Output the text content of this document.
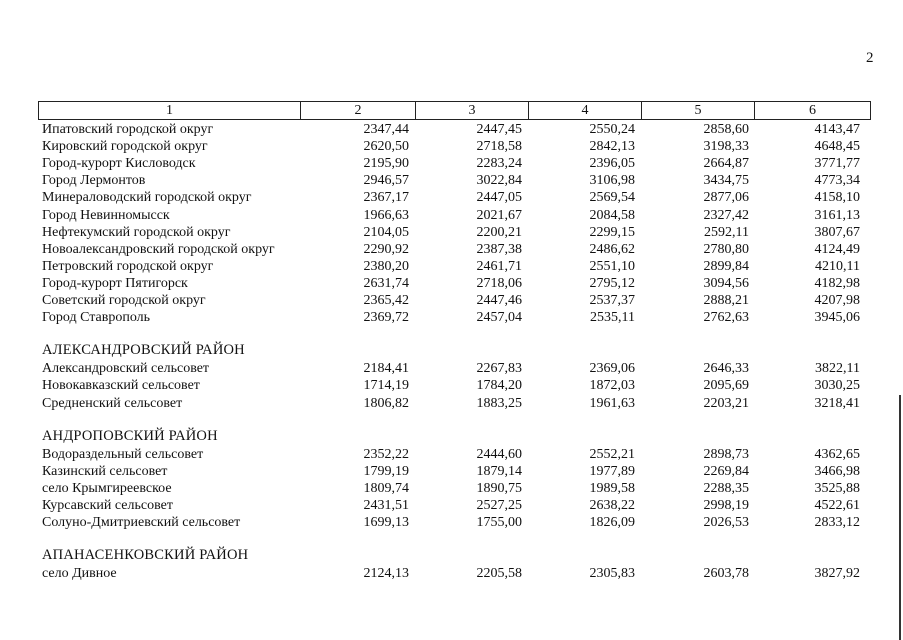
2
1	2	3	4	5	6
Ипатовский городской округ	2347,44	2447,45	2550,24	2858,60	4143,47
Кировский городской округ	2620,50	2718,58	2842,13	3198,33	4648,45
Город-курорт Кисловодск	2195,90	2283,24	2396,05	2664,87	3771,77
Город Лермонтов	2946,57	3022,84	3106,98	3434,75	4773,34
Минераловодский городской округ	2367,17	2447,05	2569,54	2877,06	4158,10
Город Невинномысск	1966,63	2021,67	2084,58	2327,42	3161,13
Нефтекумский городской округ	2104,05	2200,21	2299,15	2592,11	3807,67
Новоалександровский городской округ	2290,92	2387,38	2486,62	2780,80	4124,49
Петровский городской округ	2380,20	2461,71	2551,10	2899,84	4210,11
Город-курорт Пятигорск	2631,74	2718,06	2795,12	3094,56	4182,98
Советский городской округ	2365,42	2447,46	2537,37	2888,21	4207,98
Город Ставрополь	2369,72	2457,04	2535,11	2762,63	3945,06
АЛЕКСАНДРОВСКИЙ РАЙОН
Александровский сельсовет	2184,41	2267,83	2369,06	2646,33	3822,11
Новокавказский сельсовет	1714,19	1784,20	1872,03	2095,69	3030,25
Средненский сельсовет	1806,82	1883,25	1961,63	2203,21	3218,41
АНДРОПОВСКИЙ РАЙОН
Водораздельный сельсовет	2352,22	2444,60	2552,21	2898,73	4362,65
Казинский сельсовет	1799,19	1879,14	1977,89	2269,84	3466,98
село Крымгиреевское	1809,74	1890,75	1989,58	2288,35	3525,88
Курсавский сельсовет	2431,51	2527,25	2638,22	2998,19	4522,61
Солуно-Дмитриевский сельсовет	1699,13	1755,00	1826,09	2026,53	2833,12
АПАНАСЕНКОВСКИЙ РАЙОН
село Дивное	2124,13	2205,58	2305,83	2603,78	3827,92
